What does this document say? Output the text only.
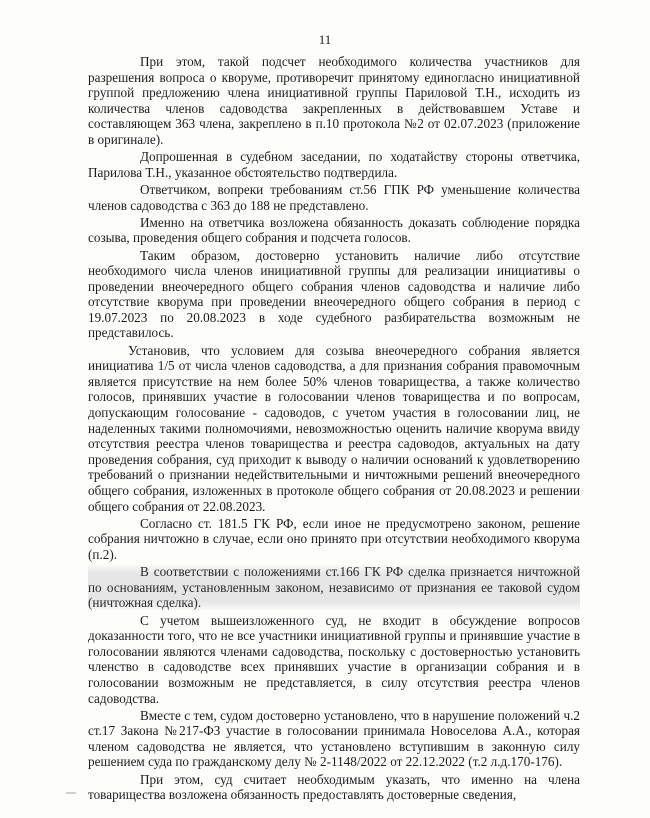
11

При этом, такой подсчет необходимого количества участников для разрешения вопроса о кворуме, противоречит принятому единогласно инициативной группой предложению члена инициативной группы Париловой Т.Н., исходить из количества членов садоводства закрепленных в действовавшем Уставе и составляющем 363 члена, закреплено в п.10 протокола №2 от 02.07.2023 (приложение в оригинале).

Допрошенная в судебном заседании, по ходатайству стороны ответчика, Парилова Т.Н., указанное обстоятельство подтвердила.

Ответчиком, вопреки требованиям ст.56 ГПК РФ уменьшение количества членов садоводства с 363 до 188 не представлено.

Именно на ответчика возложена обязанность доказать соблюдение порядка созыва, проведения общего собрания и подсчета голосов.

Таким образом, достоверно установить наличие либо отсутствие необходимого числа членов инициативной группы для реализации инициативы о проведении внеочередного общего собрания членов садоводства и наличие либо отсутствие кворума при проведении внеочередного общего собрания в период с 19.07.2023 по 20.08.2023 в ходе судебного разбирательства возможным не представилось.

Установив, что условием для созыва внеочередного собрания является инициатива 1/5 от числа членов садоводства, а для признания собрания правомочным является присутствие на нем более 50% членов товарищества, а также количество голосов, принявших участие в голосовании членов товарищества и по вопросам, допускающим голосование - садоводов, с учетом участия в голосовании лиц, не наделенных такими полномочиями, невозможностью оценить наличие кворума ввиду отсутствия реестра членов товарищества и реестра садоводов, актуальных на дату проведения собрания, суд приходит к выводу о наличии оснований к удовлетворению требований о признании недействительными и ничтожными решений внеочередного общего собрания, изложенных в протоколе общего собрания от 20.08.2023 и решении общего собрания от 22.08.2023.

Согласно ст. 181.5 ГК РФ, если иное не предусмотрено законом, решение собрания ничтожно в случае, если оно принято при отсутствии необходимого кворума (п.2).

В соответствии с положениями ст.166 ГК РФ сделка признается ничтожной по основаниям, установленным законом, независимо от признания ее таковой судом (ничтожная сделка).

С учетом вышеизложенного суд, не входит в обсуждение вопросов доказанности того, что не все участники инициативной группы и принявшие участие в голосовании являются членами садоводства, поскольку с достоверностью установить членство в садоводстве всех принявших участие в организации собрания и в голосовании возможным не представляется, в силу отсутствия реестра членов садоводства.

Вместе с тем, судом достоверно установлено, что в нарушение положений ч.2 ст.17 Закона №217-ФЗ участие в голосовании принимала Новоселова А.А., которая членом садоводства не является, что установлено вступившим в законную силу решением суда по гражданскому делу № 2-1148/2022 от 22.12.2022 (т.2 л.д.170-176).

При этом, суд считает необходимым указать, что именно на члена товарищества возложена обязанность предоставлять достоверные сведения,
